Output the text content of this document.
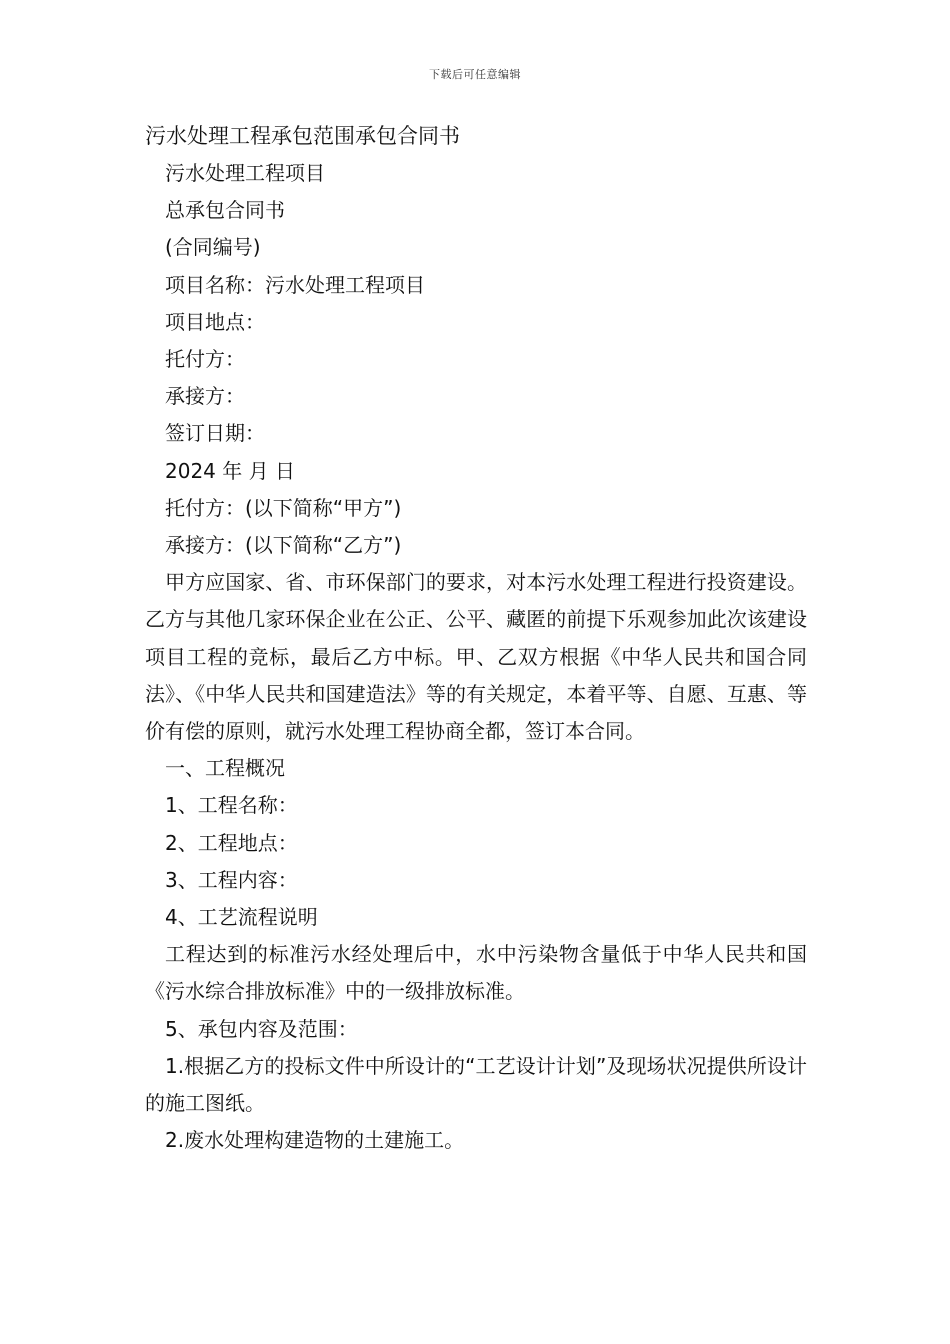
下载后可任意编辑
污水处理工程承包范围承包合同书
污水处理工程项目
总承包合同书
(合同编号)
项目名称：污水处理工程项目
项目地点：
托付方：
承接方：
签订日期：
2024 年 月 日
托付方：(以下简称“甲方”)
承接方：(以下简称“乙方”)

甲方应国家、省、市环保部门的要求，对本污水处理工程进行投资建设。乙方与其他几家环保企业在公正、公平、藏匿的前提下乐观参加此次该建设项目工程的竞标，最后乙方中标。甲、乙双方根据《中华人民共和国合同法》、《中华人民共和国建造法》等的有关规定，本着平等、自愿、互惠、等价有偿的原则，就污水处理工程协商全都，签订本合同。

一、工程概况
1、工程名称：
2、工程地点：
3、工程内容：
4、工艺流程说明

工程达到的标准污水经处理后中，水中污染物含量低于中华人民共和国《污水综合排放标准》中的一级排放标准。

5、承包内容及范围：

1.根据乙方的投标文件中所设计的“工艺设计计划”及现场状况提供所设计的施工图纸。

2.废水处理构建造物的土建施工。
